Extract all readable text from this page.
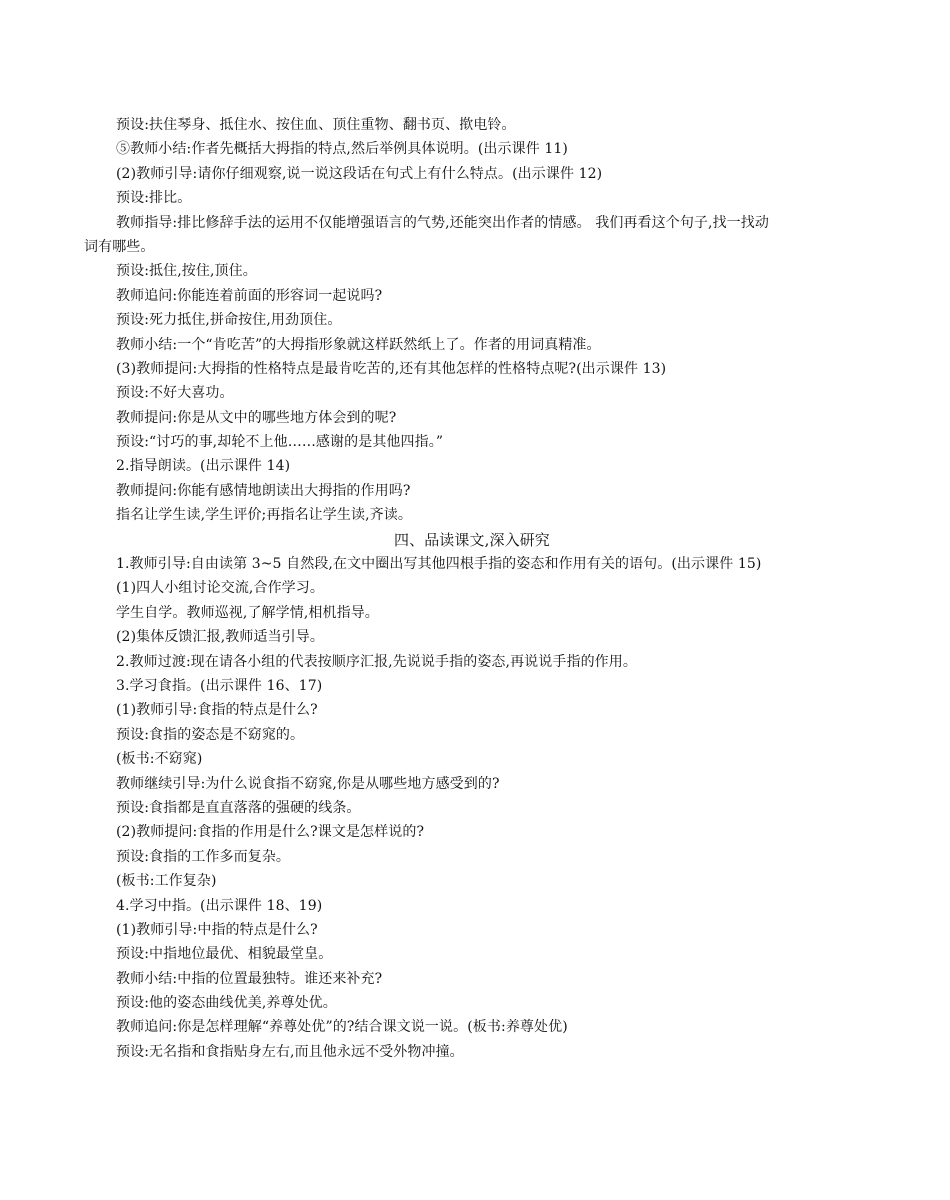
预设:扶住琴身、抵住水、按住血、顶住重物、翻书页、揿电铃。
⑤教师小结:作者先概括大拇指的特点,然后举例具体说明。(出示课件 11)
(2)教师引导:请你仔细观察,说一说这段话在句式上有什么特点。(出示课件 12)
预设:排比。
教师指导:排比修辞手法的运用不仅能增强语言的气势,还能突出作者的情感。 我们再看这个句子,找一找动
词有哪些。
预设:抵住,按住,顶住。
教师追问:你能连着前面的形容词一起说吗?
预设:死力抵住,拼命按住,用劲顶住。
教师小结:一个“肯吃苦”的大拇指形象就这样跃然纸上了。作者的用词真精准。
(3)教师提问:大拇指的性格特点是最肯吃苦的,还有其他怎样的性格特点呢?(出示课件 13)
预设:不好大喜功。
教师提问:你是从文中的哪些地方体会到的呢?
预设:“讨巧的事,却轮不上他……感谢的是其他四指。”
2.指导朗读。(出示课件 14)
教师提问:你能有感情地朗读出大拇指的作用吗?
指名让学生读,学生评价;再指名让学生读,齐读。
四、品读课文,深入研究
1.教师引导:自由读第 3~5 自然段,在文中圈出写其他四根手指的姿态和作用有关的语句。(出示课件 15)
(1)四人小组讨论交流,合作学习。
学生自学。教师巡视,了解学情,相机指导。
(2)集体反馈汇报,教师适当引导。
2.教师过渡:现在请各小组的代表按顺序汇报,先说说手指的姿态,再说说手指的作用。
3.学习食指。(出示课件 16、17)
(1)教师引导:食指的特点是什么?
预设:食指的姿态是不窈窕的。
(板书:不窈窕)
教师继续引导:为什么说食指不窈窕,你是从哪些地方感受到的?
预设:食指都是直直落落的强硬的线条。
(2)教师提问:食指的作用是什么?课文是怎样说的?
预设:食指的工作多而复杂。
(板书:工作复杂)
4.学习中指。(出示课件 18、19)
(1)教师引导:中指的特点是什么?
预设:中指地位最优、相貌最堂皇。
教师小结:中指的位置最独特。谁还来补充?
预设:他的姿态曲线优美,养尊处优。
教师追问:你是怎样理解“养尊处优”的?结合课文说一说。(板书:养尊处优)
预设:无名指和食指贴身左右,而且他永远不受外物冲撞。
